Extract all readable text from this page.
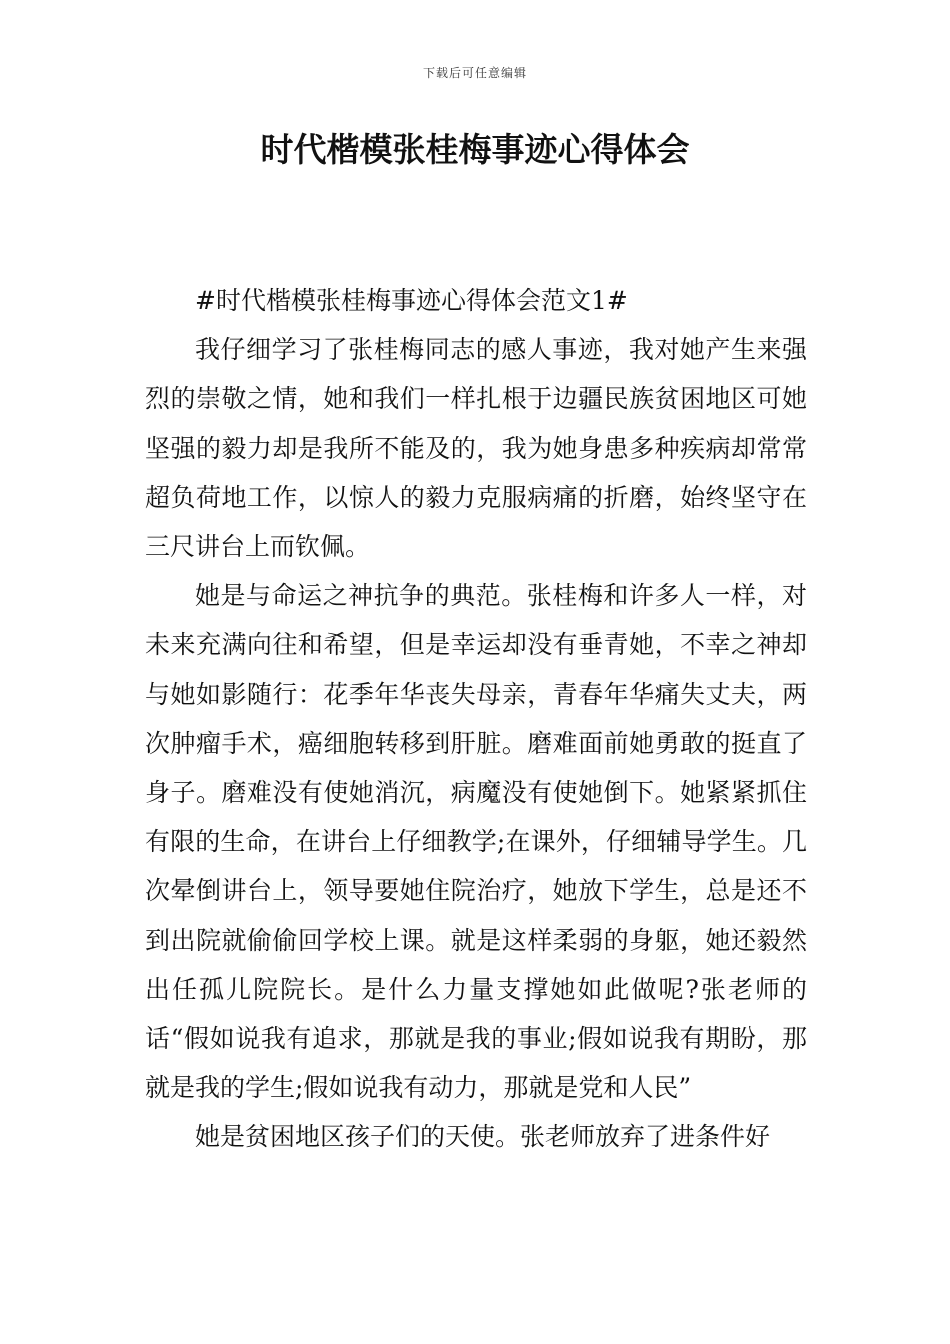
下载后可任意编辑
时代楷模张桂梅事迹心得体会

#时代楷模张桂梅事迹心得体会范文1#

我仔细学习了张桂梅同志的感人事迹，我对她产生来强烈的崇敬之情，她和我们一样扎根于边疆民族贫困地区可她坚强的毅力却是我所不能及的，我为她身患多种疾病却常常超负荷地工作，以惊人的毅力克服病痛的折磨，始终坚守在三尺讲台上而钦佩。

她是与命运之神抗争的典范。张桂梅和许多人一样，对未来充满向往和希望，但是幸运却没有垂青她，不幸之神却与她如影随行：花季年华丧失母亲，青春年华痛失丈夫，两次肿瘤手术，癌细胞转移到肝脏。磨难面前她勇敢的挺直了身子。磨难没有使她消沉，病魔没有使她倒下。她紧紧抓住有限的生命，在讲台上仔细教学;在课外，仔细辅导学生。几次晕倒讲台上，领导要她住院治疗，她放下学生，总是还不到出院就偷偷回学校上课。就是这样柔弱的身躯，她还毅然出任孤儿院院长。是什么力量支撑她如此做呢?张老师的话“假如说我有追求，那就是我的事业;假如说我有期盼，那就是我的学生;假如说我有动力，那就是党和人民”

她是贫困地区孩子们的天使。张老师放弃了进条件好
